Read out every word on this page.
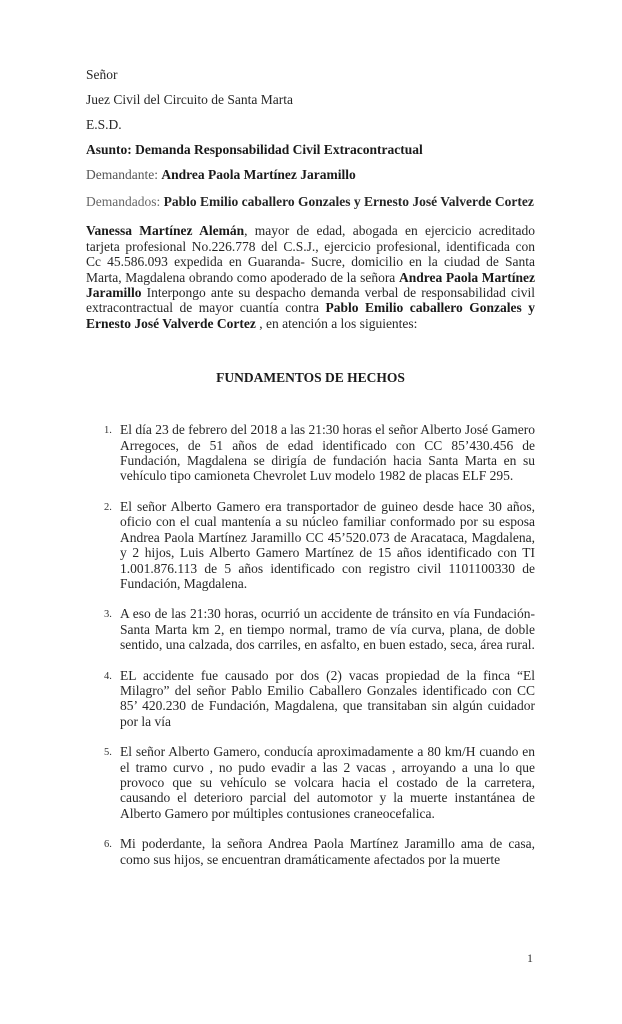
Señor
Juez Civil del Circuito de Santa Marta
E.S.D.
Asunto: Demanda Responsabilidad Civil Extracontractual
Demandante: Andrea Paola Martínez Jaramillo
Demandados: Pablo Emilio caballero Gonzales y Ernesto José Valverde Cortez

Vanessa Martínez Alemán, mayor de edad, abogada en ejercicio acreditado tarjeta profesional No.226.778 del C.S.J., ejercicio profesional, identificada con Cc 45.586.093 expedida en Guaranda- Sucre, domicilio en la ciudad de Santa Marta, Magdalena obrando como apoderado de la señora Andrea Paola Martínez Jaramillo Interpongo ante su despacho demanda verbal de responsabilidad civil extracontractual de mayor cuantía contra Pablo Emilio caballero Gonzales y Ernesto José Valverde Cortez , en atención a los siguientes:

FUNDAMENTOS DE HECHOS
1. El día 23 de febrero del 2018 a las 21:30 horas el señor Alberto José Gamero Arregoces, de 51 años de edad identificado con CC 85’430.456 de Fundación, Magdalena se dirigía de fundación hacia Santa Marta en su vehículo tipo camioneta Chevrolet Luv modelo 1982 de placas ELF 295.
2. El señor Alberto Gamero era transportador de guineo desde hace 30 años, oficio con el cual mantenía a su núcleo familiar conformado por su esposa Andrea Paola Martínez Jaramillo CC 45’520.073 de Aracataca, Magdalena, y 2 hijos, Luis Alberto Gamero Martínez de 15 años identificado con TI 1.001.876.113 de 5 años identificado con registro civil 1101100330 de Fundación, Magdalena.
3. A eso de las 21:30 horas, ocurrió un accidente de tránsito en vía Fundación-Santa Marta km 2, en tiempo normal, tramo de vía curva, plana, de doble sentido, una calzada, dos carriles, en asfalto, en buen estado, seca, área rural.
4. EL accidente fue causado por dos (2) vacas propiedad de la finca “El Milagro” del señor Pablo Emilio Caballero Gonzales identificado con CC 85’ 420.230 de Fundación, Magdalena, que transitaban sin algún cuidador por la vía
5. El señor Alberto Gamero, conducía aproximadamente a 80 km/H cuando en el tramo curvo , no pudo evadir a las 2 vacas , arroyando a una lo que provoco que su vehículo se volcara hacia el costado de la carretera, causando el deterioro parcial del automotor y la muerte instantánea de Alberto Gamero por múltiples contusiones craneocefalica.
6. Mi poderdante, la señora Andrea Paola Martínez Jaramillo ama de casa, como sus hijos, se encuentran dramáticamente afectados por la muerte
1
